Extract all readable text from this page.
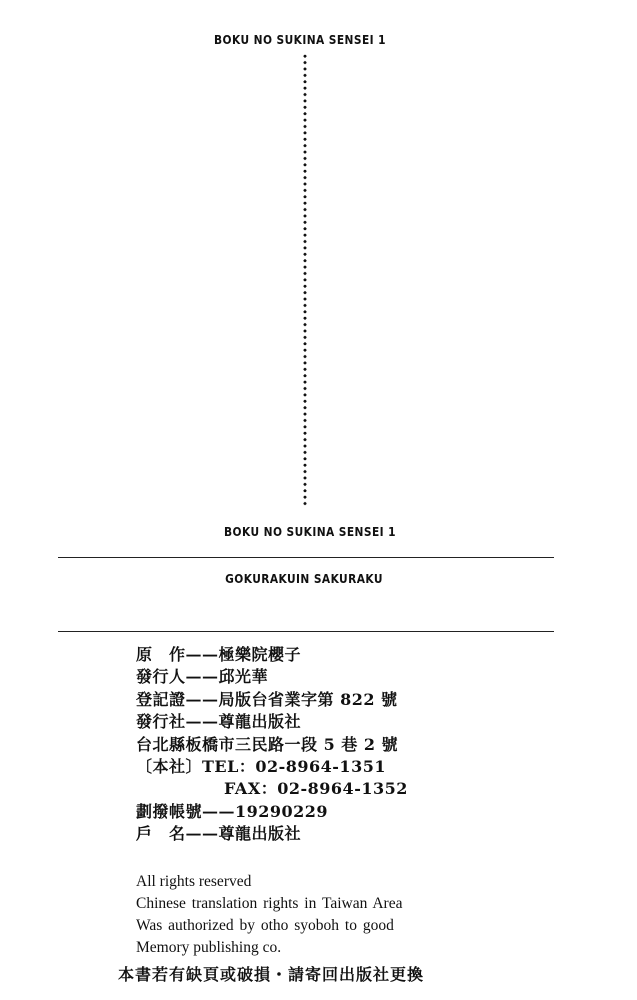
BOKU NO SUKINA SENSEI 1
BOKU NO SUKINA SENSEI 1
GOKURAKUIN SAKURAKU
原　作——極樂院櫻子
發行人——邱光華
登記證——局版台省業字第 822 號
發行社——尊龍出版社
台北縣板橋市三民路一段 5 巷 2 號
〔本社〕TEL：02-8964-1351
FAX：02-8964-1352
劃撥帳號——19290229
戶　名——尊龍出版社
All rights reserved
Chinese translation rights in Taiwan Area
Was authorized by otho syoboh to good
Memory publishing co.
本書若有缺頁或破損・請寄回出版社更換
